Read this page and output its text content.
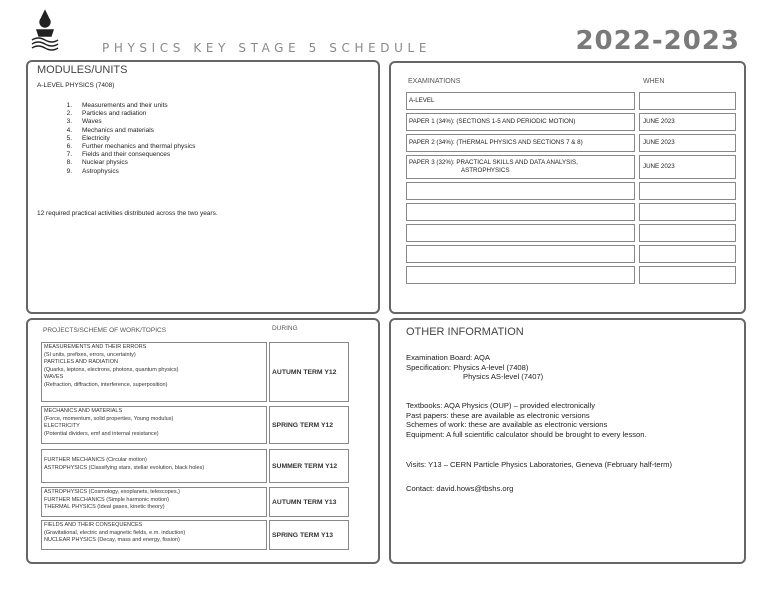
PHYSICS KEY STAGE 5 SCHEDULE	2022-2023
MODULES/UNITS
A-LEVEL PHYSICS (7408)
1. Measurements and their units
2. Particles and radiation
3. Waves
4. Mechanics and materials
5. Electricity
6. Further mechanics and thermal physics
7. Fields and their consequences
8. Nuclear physics
9. Astrophysics
12 required practical activities distributed across the two years.
EXAMINATIONS	WHEN
A-LEVEL
PAPER 1 (34%): (SECTIONS 1-5 AND PERIODIC MOTION)	JUNE 2023
PAPER 2 (34%): (THERMAL PHYSICS AND SECTIONS 7 & 8)	JUNE 2023
PAPER 3 (32%): PRACTICAL SKILLS AND DATA ANALYSIS,
ASTROPHYSICS
JUNE 2023
PROJECTS/SCHEME OF WORK/TOPICS	DURING
MEASUREMENTS AND THEIR ERRORS
(SI units, prefixes, errors, uncertainty)
PARTICLES AND RADIATION
(Quarks, leptons, electrons, photons, quantum physics)
WAVES
(Refraction, diffraction, interference, superposition)
AUTUMN TERM Y12
MECHANICS AND MATERIALS
(Force, momentum, solid properties, Young modulus)
ELECTRICITY
(Potential dividers, emf and internal resistance)
SPRING TERM Y12
FURTHER MECHANICS (Circular motion)
ASTROPHYSICS (Classifying stars, stellar evolution, black holes)	SUMMER TERM Y12
ASTROPHYSICS (Cosmology, exoplanets, telescopes,)
FURTHER MECHANICS (Simple harmonic motion)
THERMAL PHYSICS (Ideal gases, kinetic theory)
AUTUMN TERM Y13
FIELDS AND THEIR CONSEQUENCES
(Gravitational, electric and magnetic fields, e.m. induction)
NUCLEAR PHYSICS (Decay, mass and energy, fission)
SPRING TERM Y13
OTHER INFORMATION
Examination Board: AQA
Specification: Physics A-level (7408)
Physics AS-level (7407)
Textbooks: AQA Physics (OUP) – provided electronically
Past papers: these are available as electronic versions
Schemes of work: these are available as electronic versions
Equipment: A full scientific calculator should be brought to every lesson.
Visits: Y13 – CERN Particle Physics Laboratories, Geneva (February half-term)
Contact: david.hows@tbshs.org
